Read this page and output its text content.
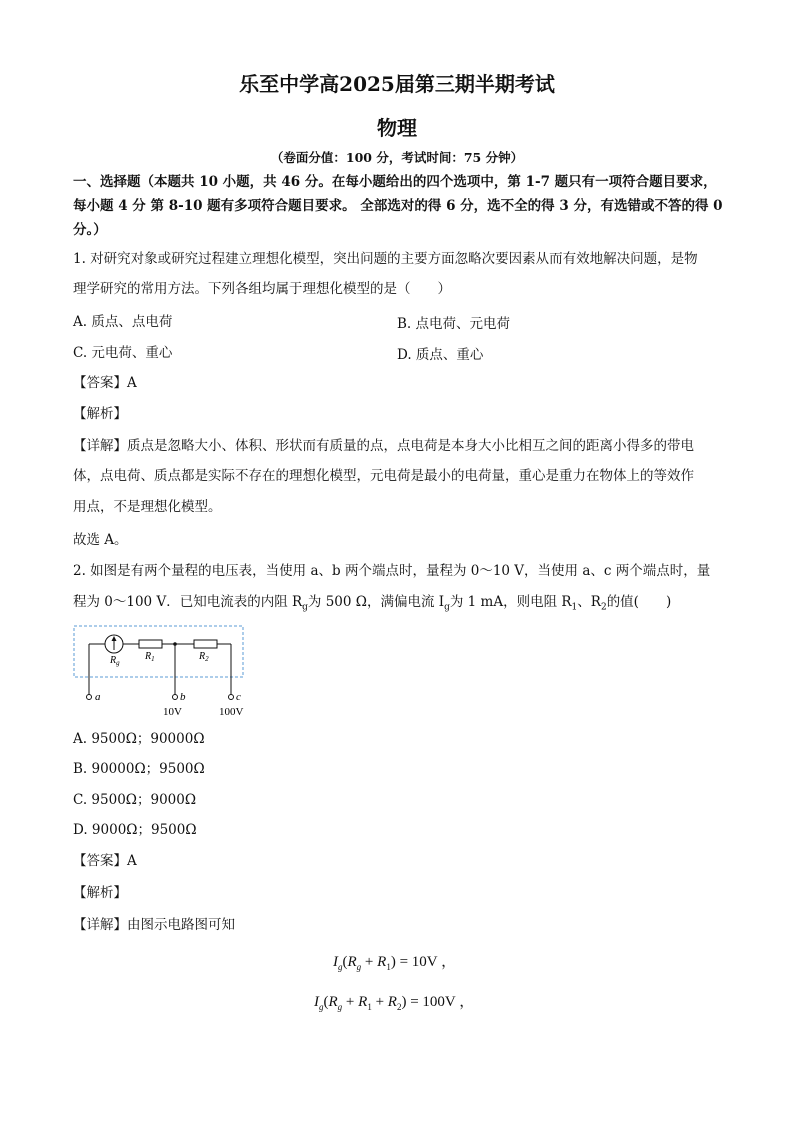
乐至中学高2025届第三期半期考试
物理
（卷面分值：100 分，考试时间：75 分钟）
一、选择题（本题共 10 小题，共 46 分。在每小题给出的四个选项中，第 1-7 题只有一项符合题目要求，
每小题 4 分 第 8-10 题有多项符合题目要求。 全部选对的得 6 分，选不全的得 3 分，有选错或不答的得 0
分。）
1. 对研究对象或研究过程建立理想化模型，突出问题的主要方面忽略次要因素从而有效地解决问题，是物
理学研究的常用方法。下列各组均属于理想化模型的是（　　）
A. 质点、点电荷	B. 点电荷、元电荷
C. 元电荷、重心	D. 质点、重心
【答案】A
【解析】
【详解】质点是忽略大小、体积、形状而有质量的点，点电荷是本身大小比相互之间的距离小得多的带电
体，点电荷、质点都是实际不存在的理想化模型，元电荷是最小的电荷量，重心是重力在物体上的等效作
用点，不是理想化模型。
故选 A。
2. 如图是有两个量程的电压表，当使用 a、b 两个端点时，量程为 0～10 V，当使用 a、c 两个端点时，量
程为 0～100 V．已知电流表的内阻 $R_g$为 500 Ω，满偏电流 $I_g$为 1 mA，则电阻 $R_1$、$R_2$的值(　　)
$R_g$
$R_1$	$R_2$
a	b	c
10V	100V
A. 9500Ω；90000Ω
B. 90000Ω；9500Ω
C. 9500Ω；9000Ω
D. 9000Ω；9500Ω
【答案】A
【解析】
【详解】由图示电路图可知
$I_g(R_g + R_1) = 10V$ ，
$I_g(R_g + R_1 + R_2) = 100V$ ，
